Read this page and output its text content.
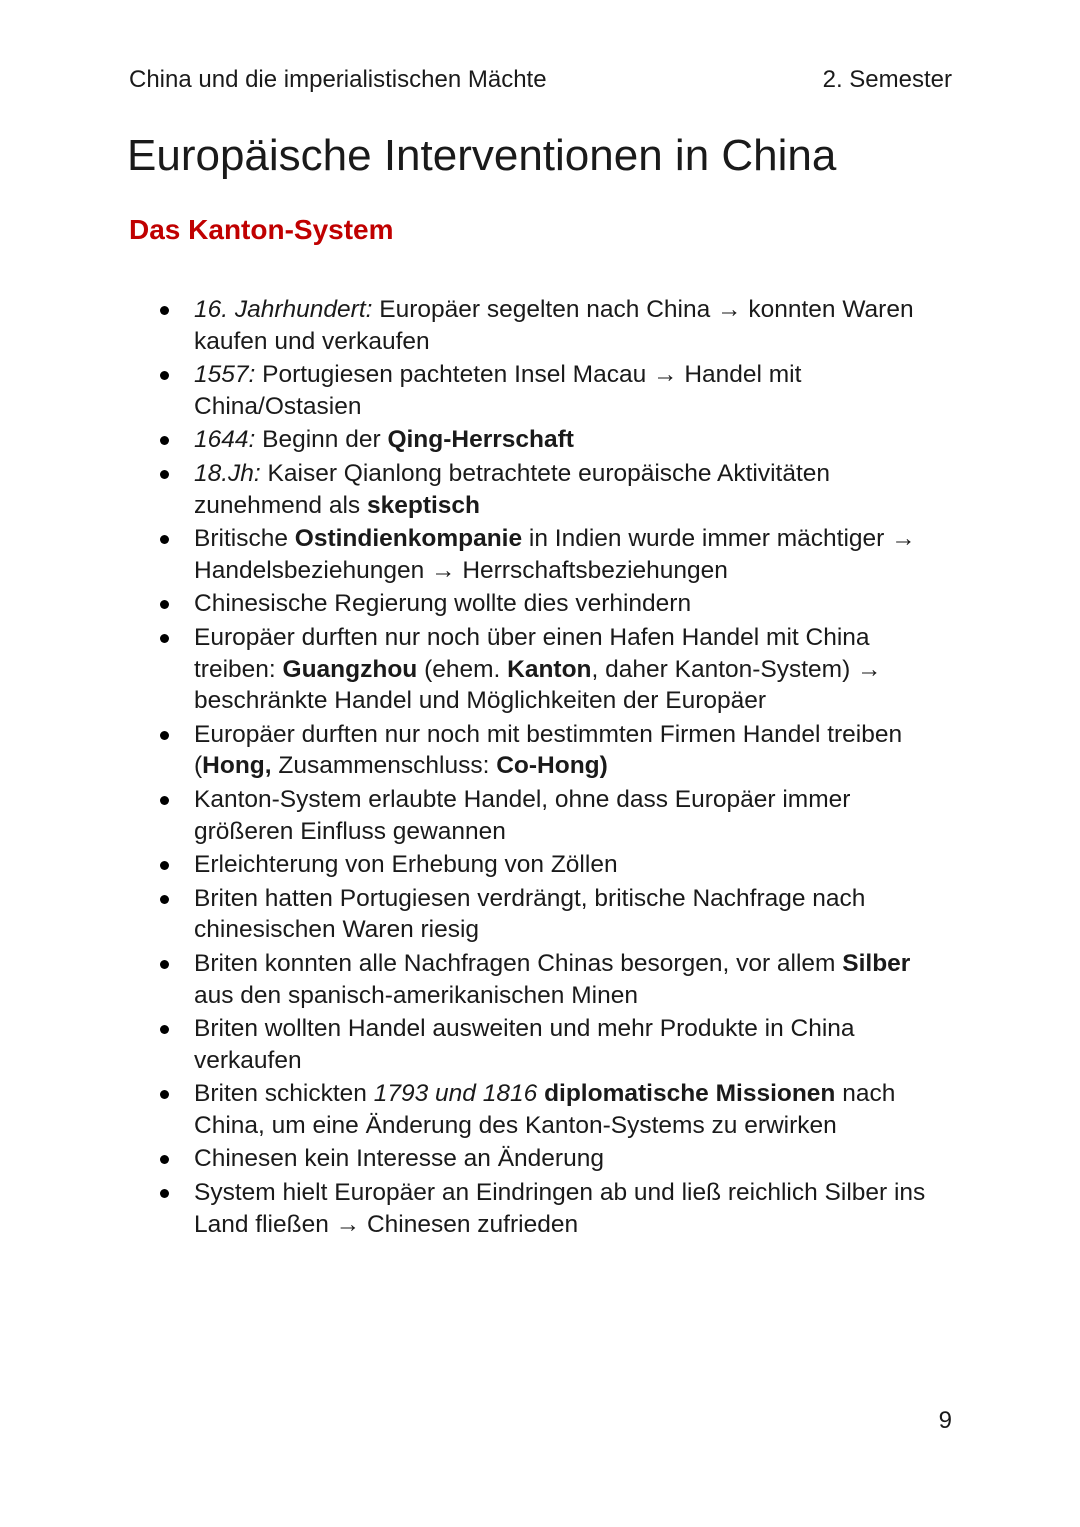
China und die imperialistischen Mächte	2. Semester
Europäische Interventionen in China
Das Kanton-System
16. Jahrhundert: Europäer segelten nach China → konnten Waren kaufen und verkaufen
1557: Portugiesen pachteten Insel Macau → Handel mit China/Ostasien
1644: Beginn der Qing-Herrschaft
18.Jh: Kaiser Qianlong betrachtete europäische Aktivitäten zunehmend als skeptisch
Britische Ostindienkompanie in Indien wurde immer mächtiger → Handelsbeziehungen → Herrschaftsbeziehungen
Chinesische Regierung wollte dies verhindern
Europäer durften nur noch über einen Hafen Handel mit China treiben: Guangzhou (ehem. Kanton, daher Kanton-System) → beschränkte Handel und Möglichkeiten der Europäer
Europäer durften nur noch mit bestimmten Firmen Handel treiben (Hong, Zusammenschluss: Co-Hong)
Kanton-System erlaubte Handel, ohne dass Europäer immer größeren Einfluss gewannen
Erleichterung von Erhebung von Zöllen
Briten hatten Portugiesen verdrängt, britische Nachfrage nach chinesischen Waren riesig
Briten konnten alle Nachfragen Chinas besorgen, vor allem Silber aus den spanisch-amerikanischen Minen
Briten wollten Handel ausweiten und mehr Produkte in China verkaufen
Briten schickten 1793 und 1816 diplomatische Missionen nach China, um eine Änderung des Kanton-Systems zu erwirken
Chinesen kein Interesse an Änderung
System hielt Europäer an Eindringen ab und ließ reichlich Silber ins Land fließen → Chinesen zufrieden
9
